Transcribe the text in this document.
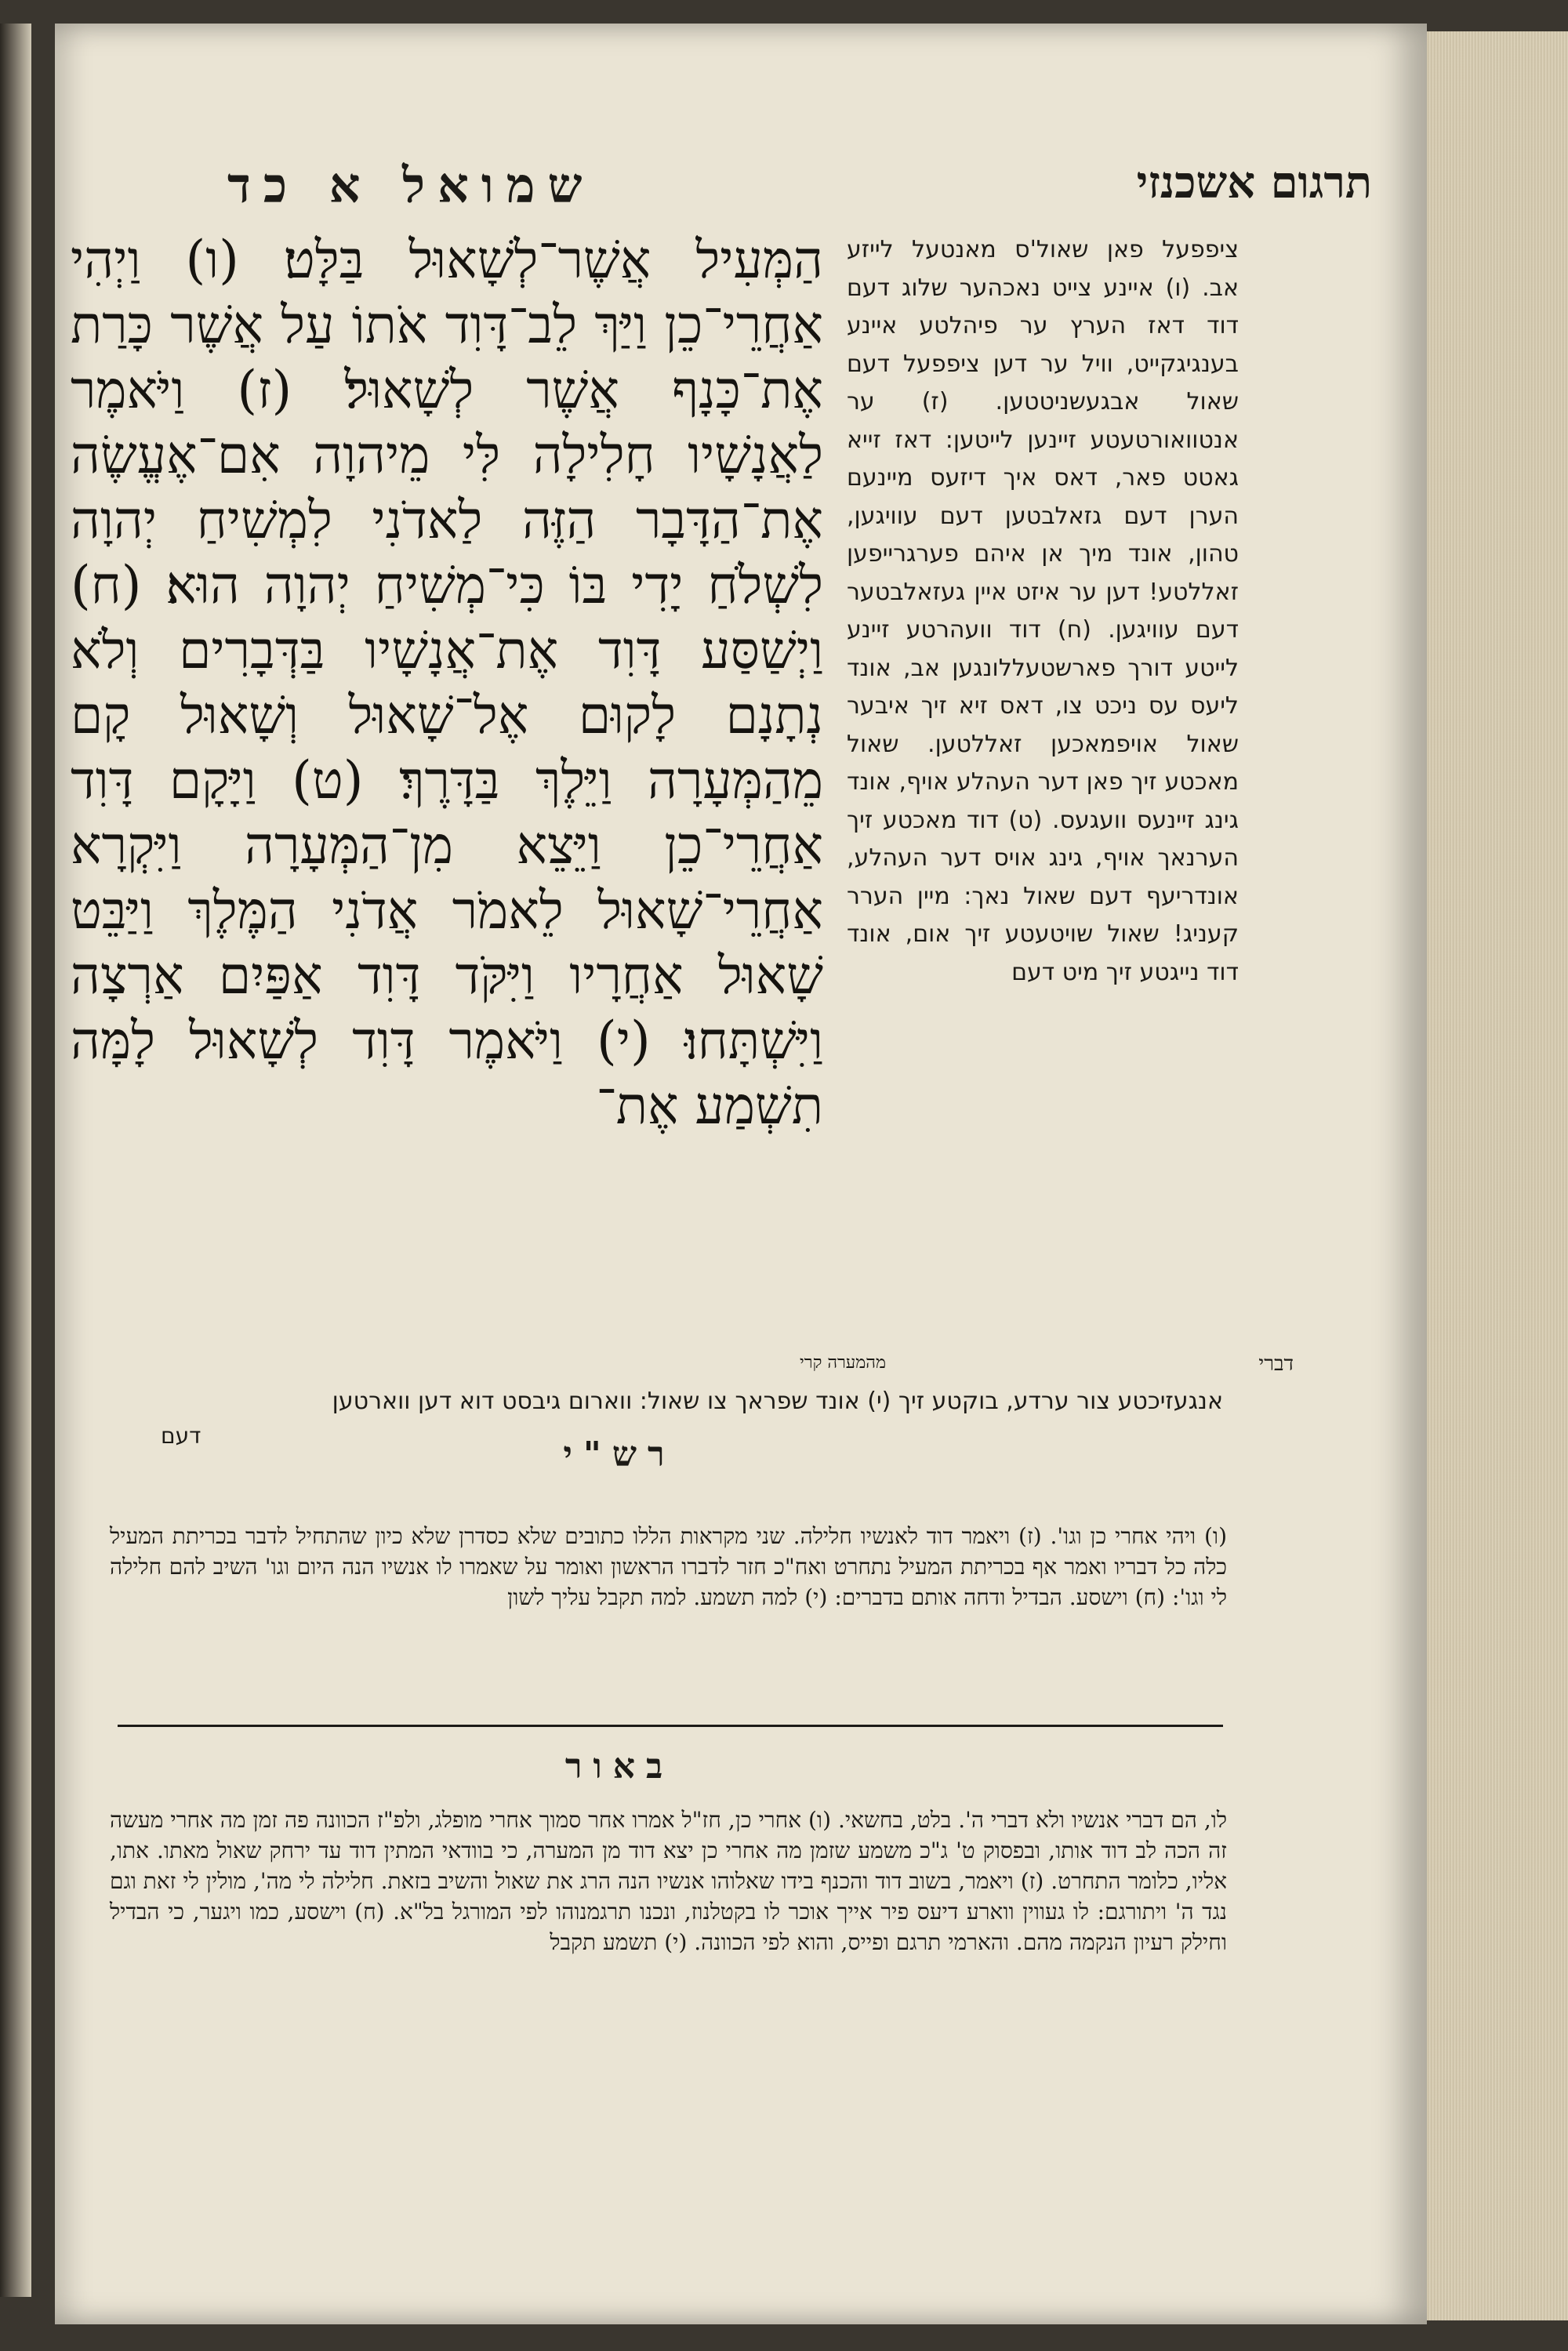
תרגום אשכנזי
שמואל א כד

הַמְּעִיל אֲשֶׁר־לְשָׁאוּל בַּלָּט׃ (ו) וַיְהִי אַחֲרֵי־כֵן וַיַּךְ לֵב־דָּוִד אֹתוֹ עַל אֲשֶׁר כָּרַת אֶת־כָּנָף אֲשֶׁר לְשָׁאוּל׃ (ז) וַיֹּאמֶר לַאֲנָשָׁיו חָלִילָה לִּי מֵיהוָה אִם־אֶעֱשֶׂה אֶת־הַדָּבָר הַזֶּה לַאדֹנִי לִמְשִׁיחַ יְהוָה לִשְׁלֹחַ יָדִי בּוֹ כִּי־מְשִׁיחַ יְהוָה הוּא׃ (ח) וַיְשַׁסַּע דָּוִד אֶת־אֲנָשָׁיו בַּדְּבָרִים וְלֹא נְתָנָם לָקוּם אֶל־שָׁאוּל וְשָׁאוּל קָם מֵהַמְּעָרָה וַיֵּלֶךְ בַּדָּרֶךְ׃ (ט) וַיָּקָם דָּוִד אַחֲרֵי־כֵן וַיֵּצֵא מִן־הַמְּעָרָה וַיִּקְרָא אַחֲרֵי־שָׁאוּל לֵאמֹר אֲדֹנִי הַמֶּלֶךְ וַיַּבֵּט שָׁאוּל אַחֲרָיו וַיִּקֹּד דָּוִד אַפַּיִם אַרְצָה וַיִּשְׁתָּחוּ׃ (י) וַיֹּאמֶר דָּוִד לְשָׁאוּל לָמָּה תִשְׁמַע אֶת־

ציפפעל פאן שאול'ס מאנטעל לייזע אב. (ו) איינע צייט נאכהער שלוג דעם דוד דאז הערץ ער פיהלטע איינע בענגיגקייט, וויל ער דען ציפפעל דעם שאול אבגעשניטטען. (ז) ער אנטוואורטעטע זיינען לייטען: דאז זייא גאטט פאר, דאס איך דיזעס מיינעם הערן דעם גזאלבטען דעם עוויגען, טהון, אונד מיך אן איהם פערגרייפען זאללטע! דען ער איזט איין געזאלבטער דעם עוויגען. (ח) דוד וועהרטע זיינע לייטע דורך פארשטעללונגען אב, אונד ליעס עס ניכט צו, דאס זיא זיך איבער שאול אויפמאכען זאללטען. שאול מאכטע זיך פאן דער העהלע אויף, אונד גינג זיינעס וועגעס. (ט) דוד מאכטע זיך הערנאך אויף, גינג אויס דער העהלע, אונדריעף דעם שאול נאך: מיין הערר קעניג! שאול שויטעטע זיך אום, אונד דוד נייגטע זיך מיט דעם

דברי
מהמערה קרי
אנגעזיכטע צור ערדע, בוקטע זיך (י) אונד שפראך צו שאול: ווארום גיבסט דוא דען ווארטען
דעם	רש"י

(ו) ויהי אחרי כן וגו'. (ז) ויאמר דוד לאנשיו חלילה. שני מקראות הללו כתובים שלא כסדרן שלא כיון שהתחיל לדבר בכריתת המעיל כלה כל דבריו ואמר אף בכריתת המעיל נתחרט ואח"כ חזר לדברו הראשון ואומר על שאמרו לו אנשיו הנה היום וגו' השיב להם חלילה לי וגו': (ח) וישסע. הבדיל ודחה אותם בדברים: (י) למה תשמע. למה תקבל עליך לשון

באור

לו, הם דברי אנשיו ולא דברי ה'. בלט, בחשאי. (ו) אחרי כן, חז"ל אמרו אחר סמוך אחרי מופלג, ולפ"ז הכוונה פה זמן מה אחרי מעשה זה הכה לב דוד אותו, ובפסוק ט' ג"כ משמע שזמן מה אחרי כן יצא דוד מן המערה, כי בוודאי המתין דוד עד ירחק שאול מאתו. אתו, אליו, כלומר התחרט. (ז) ויאמר, בשוב דוד והכנף בידו שאלוהו אנשיו הנה הרג את שאול והשיב בזאת. חלילה לי מה', מולין לי זאת וגם נגד ה' ויתורגם: לו געווין ווארע דיעס פיר אייך אוכר לו בקטלנוז, ונכנו תרגמנוהו לפי המורגל בל"א. (ח) וישסע, כמו ויגער, כי הבדיל וחילק רעיון הנקמה מהם. והארמי תרגם ופייס, והוא לפי הכוונה. (י) תשמע תקבל
